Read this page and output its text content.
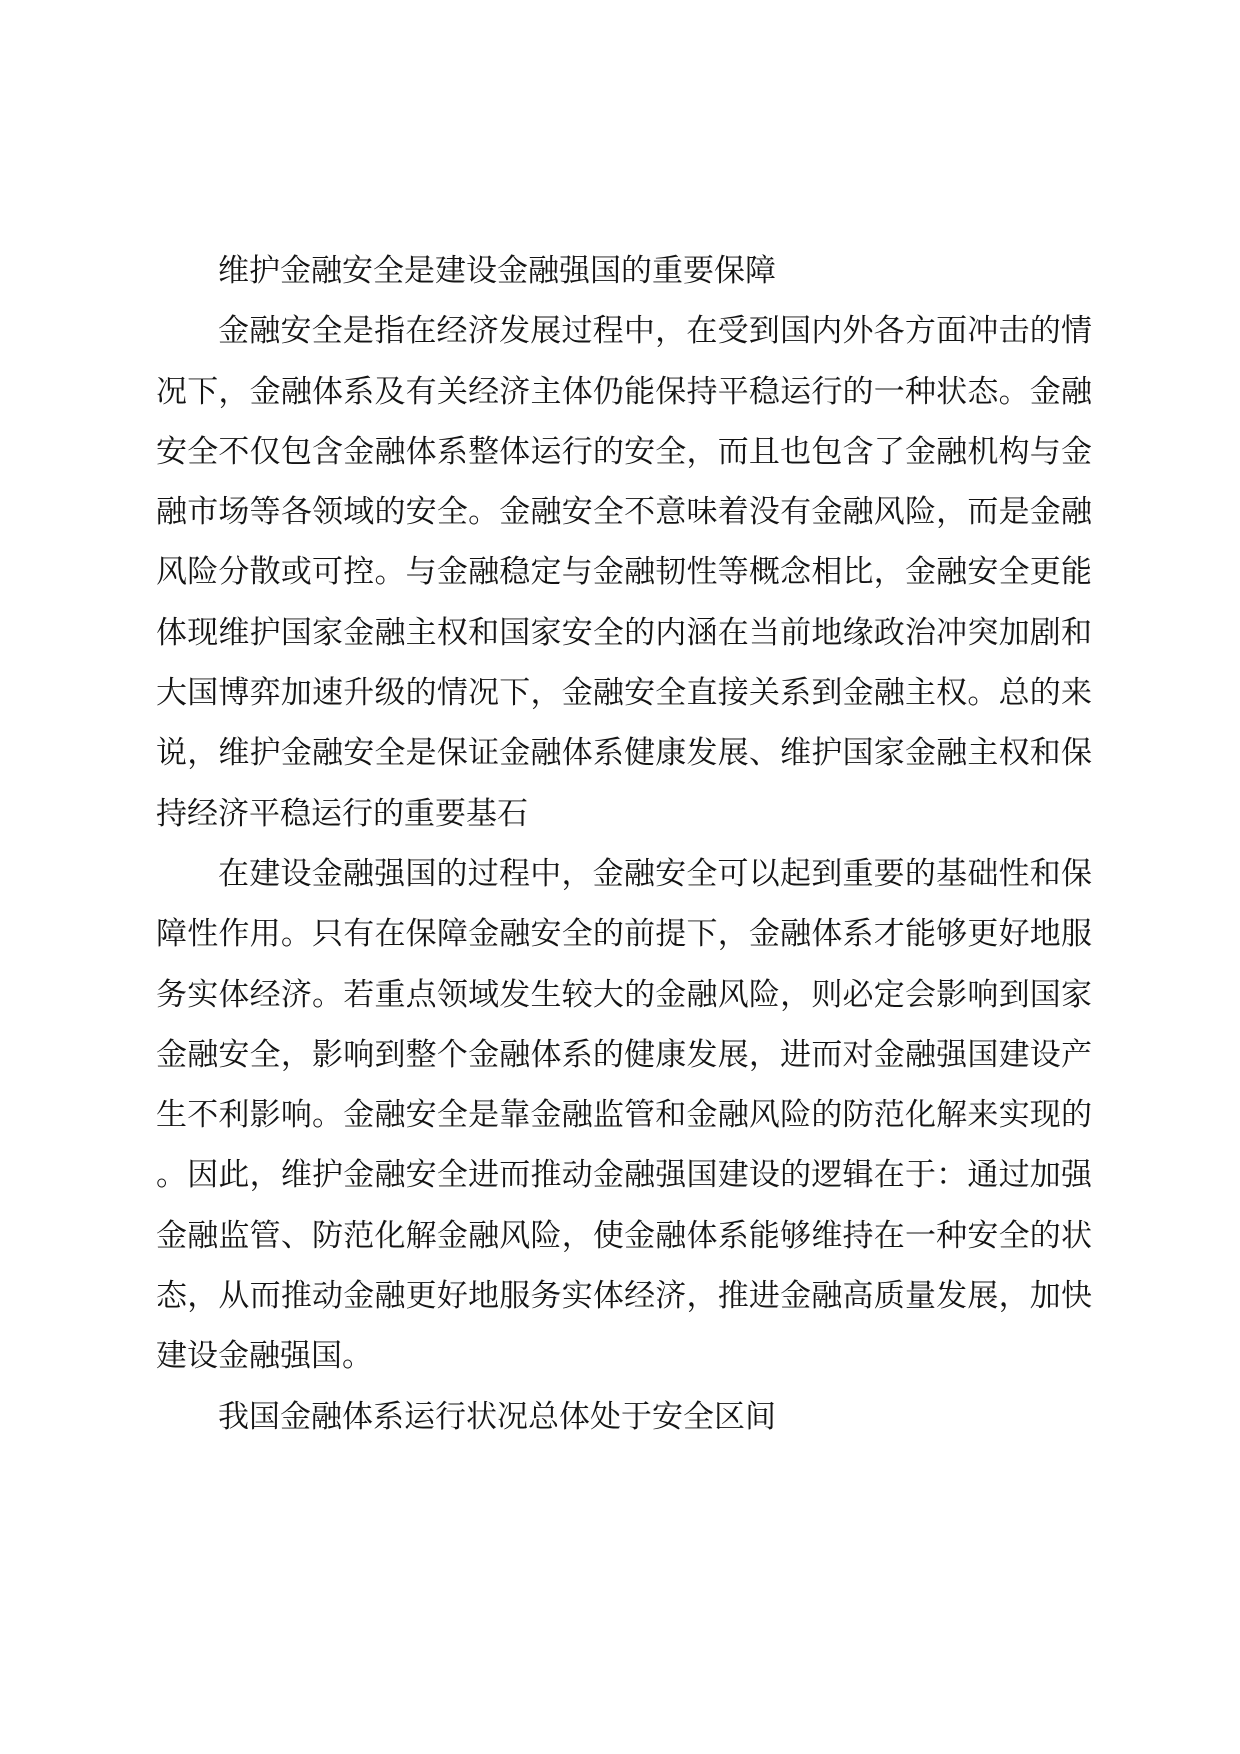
维护金融安全是建设金融强国的重要保障

金融安全是指在经济发展过程中，在受到国内外各方面冲击的情况下，金融体系及有关经济主体仍能保持平稳运行的一种状态。金融安全不仅包含金融体系整体运行的安全，而且也包含了金融机构与金融市场等各领域的安全。金融安全不意味着没有金融风险，而是金融风险分散或可控。与金融稳定与金融韧性等概念相比，金融安全更能体现维护国家金融主权和国家安全的内涵在当前地缘政治冲突加剧和大国博弈加速升级的情况下，金融安全直接关系到金融主权。总的来说，维护金融安全是保证金融体系健康发展、维护国家金融主权和保持经济平稳运行的重要基石

在建设金融强国的过程中，金融安全可以起到重要的基础性和保障性作用。只有在保障金融安全的前提下，金融体系才能够更好地服务实体经济。若重点领域发生较大的金融风险，则必定会影响到国家金融安全，影响到整个金融体系的健康发展，进而对金融强国建设产生不利影响。金融安全是靠金融监管和金融风险的防范化解来实现的。因此，维护金融安全进而推动金融强国建设的逻辑在于：通过加强金融监管、防范化解金融风险，使金融体系能够维持在一种安全的状态，从而推动金融更好地服务实体经济，推进金融高质量发展，加快建设金融强国。

我国金融体系运行状况总体处于安全区间
